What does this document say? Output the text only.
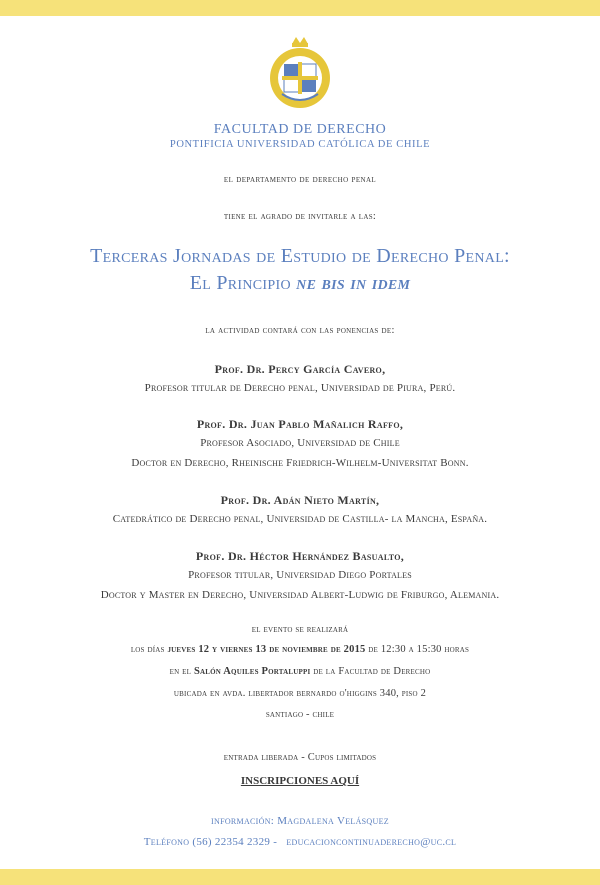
FACULTAD DE DERECHO
PONTIFICIA UNIVERSIDAD CATÓLICA DE CHILE
el departamento de derecho penal
tiene el agrado de invitarle a las:
Terceras Jornadas de Estudio de Derecho Penal:
El Principio ne bis in idem
la actividad contará con las ponencias de:
Prof. Dr. Percy García Cavero,
Profesor titular de Derecho penal, Universidad de Piura, Perú.
Prof. Dr. Juan Pablo Mañalich Raffo,
Profesor Asociado, Universidad de Chile
Doctor en Derecho, Rheinische Friedrich-Wilhelm-Universitat Bonn.
Prof. Dr. Adán Nieto Martín,
Catedrático de Derecho penal, Universidad de Castilla- la Mancha, España.
Prof. Dr. Héctor Hernández Basualto,
Profesor titular, Universidad Diego Portales
Doctor y Master en Derecho, Universidad Albert-Ludwig de Friburgo, Alemania.
el evento se realizará
los días jueves 12 y viernes 13 de noviembre de 2015 de 12:30 a 15:30 horas
en el Salón Aquiles Portaluppi de la Facultad de Derecho
ubicada en avda. libertador bernardo o'higgins 340, piso 2
santiago - chile
entrada liberada - Cupos limitados
INSCRIPCIONES AQUÍ
información: Magdalena Velásquez
Teléfono (56) 22354 2329 - educacioncontinuaderecho@uc.cl
